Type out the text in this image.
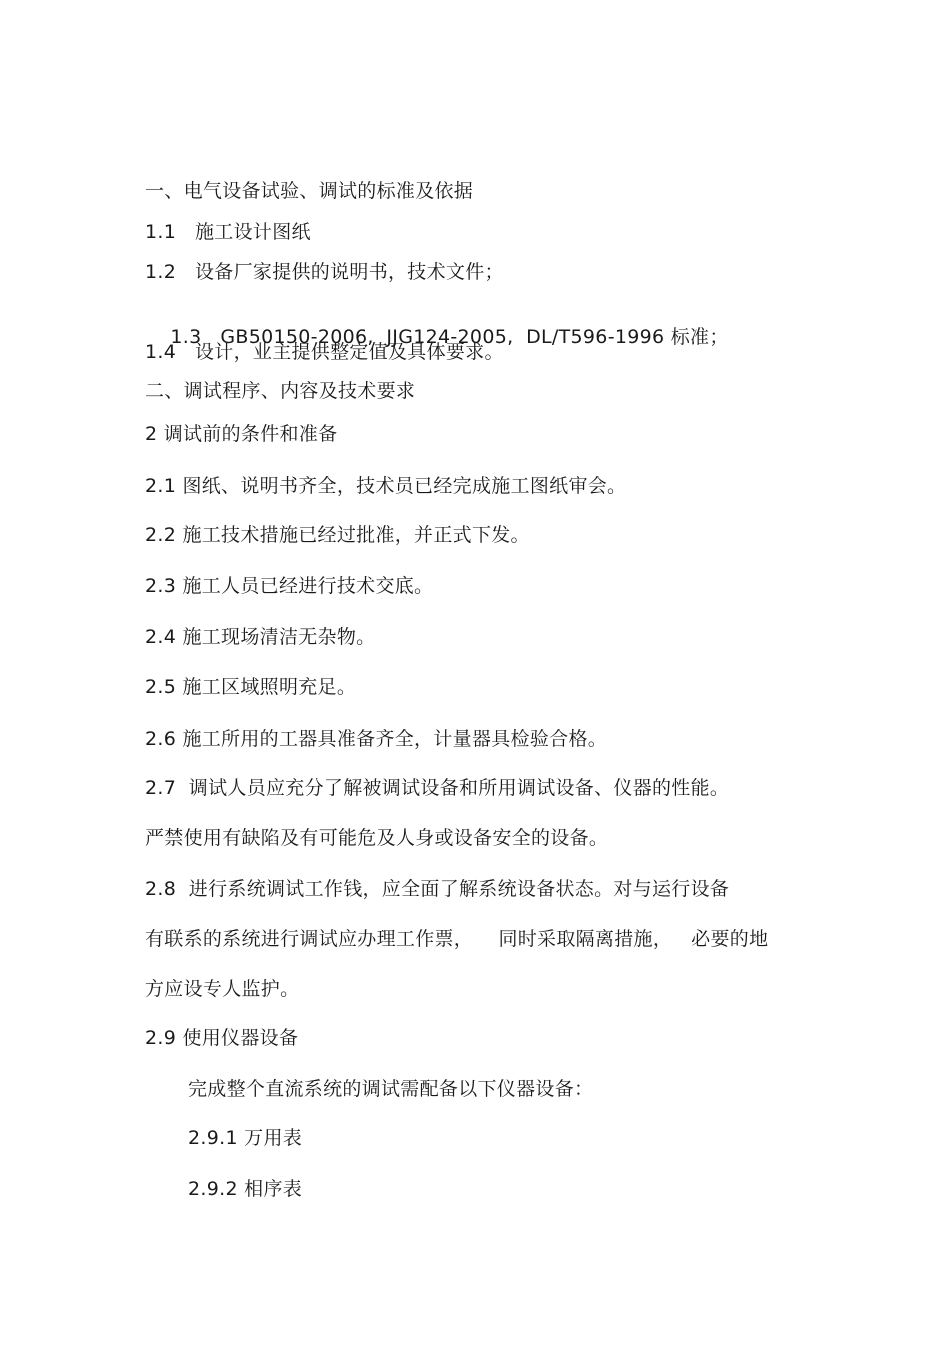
一、电气设备试验、调试的标准及依据
1.1 施工设计图纸
1.2 设备厂家提供的说明书，技术文件；

1.3 GB50150-2006,  JJG124-2005,  DL/T596-1996 标准；

1.4 设计，业主提供整定值及具体要求。
二、调试程序、内容及技术要求
2 调试前的条件和准备
2.1 图纸、说明书齐全，技术员已经完成施工图纸审会。
2.2 施工技术措施已经过批准，并正式下发。
2.3 施工人员已经进行技术交底。
2.4 施工现场清洁无杂物。
2.5 施工区域照明充足。
2.6 施工所用的工器具准备齐全，计量器具检验合格。
2.7  调试人员应充分了解被调试设备和所用调试设备、仪器的性能。
严禁使用有缺陷及有可能危及人身或设备安全的设备。
2.8  进行系统调试工作钱，应全面了解系统设备状态。对与运行设备
有联系的系统进行调试应办理工作票，    同时采取隔离措施，   必要的地
方应设专人监护。
2.9 使用仪器设备
完成整个直流系统的调试需配备以下仪器设备：
2.9.1 万用表
2.9.2 相序表
